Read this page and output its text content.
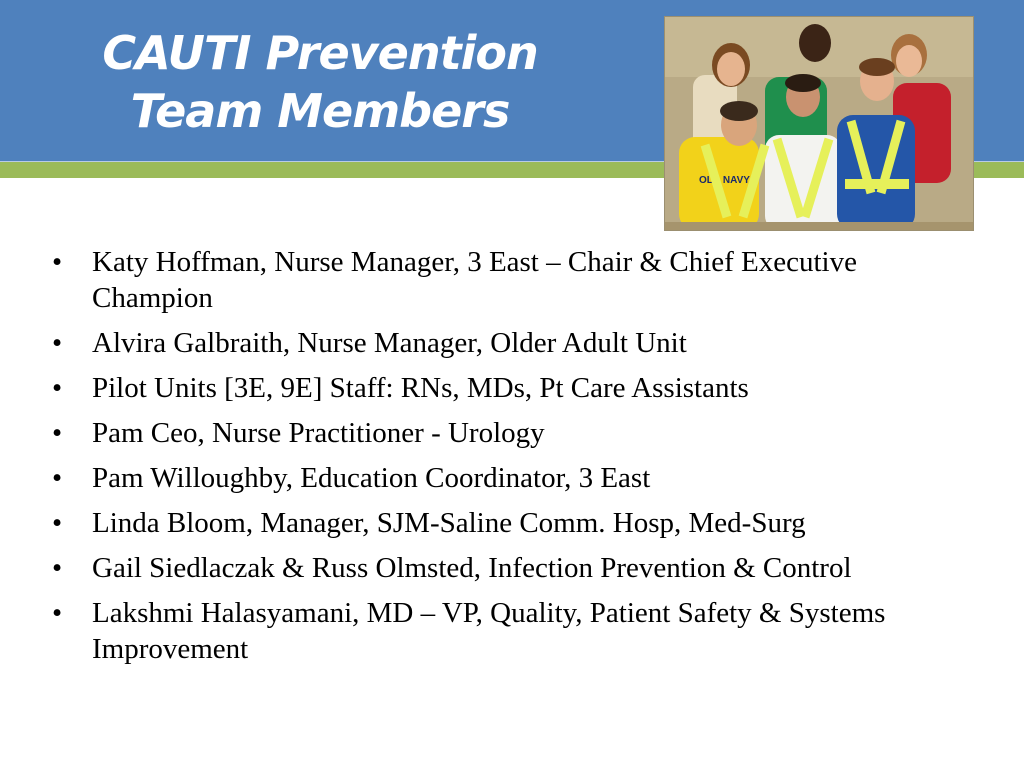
CAUTI Prevention
Team Members
OLD NAVY
•	Katy Hoffman, Nurse Manager, 3 East – Chair & Chief Executive Champion
•	Alvira Galbraith, Nurse Manager, Older Adult Unit
•	Pilot Units [3E, 9E] Staff: RNs, MDs, Pt Care Assistants
•	Pam Ceo, Nurse Practitioner - Urology
•	Pam Willoughby, Education Coordinator, 3 East
•	Linda Bloom, Manager, SJM-Saline Comm. Hosp, Med-Surg
•	Gail Siedlaczak & Russ Olmsted, Infection Prevention & Control
•	Lakshmi Halasyamani, MD – VP, Quality, Patient Safety & Systems Improvement
